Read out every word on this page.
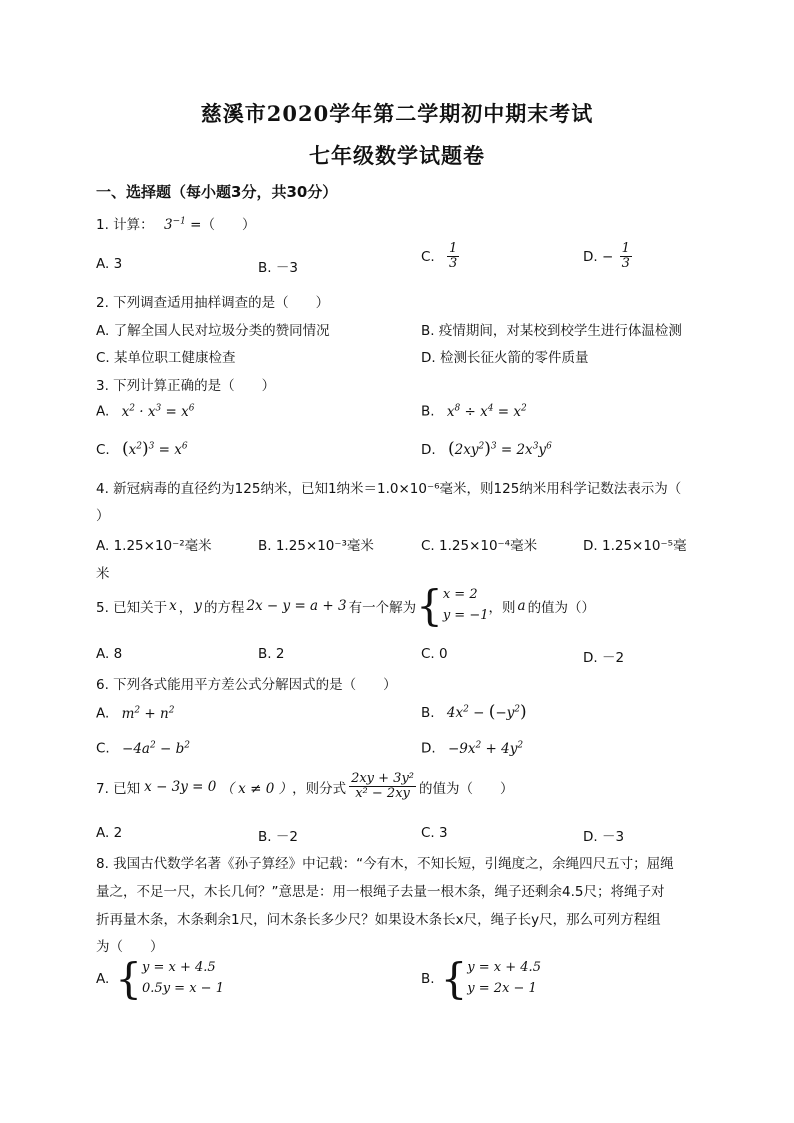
慈溪市2020学年第二学期初中期末考试
七年级数学试题卷
一、选择题（每小题3分，共30分）
1. 计算： $3^{-1}$ =（　　）
A. 3	B. －3
C. $\frac{1}{3}$	D. − $\frac{1}{3}$
2. 下列调查适用抽样调查的是（　　）
A. 了解全国人民对垃圾分类的赞同情况	B. 疫情期间，对某校到校学生进行体温检测
C. 某单位职工健康检查	D. 检测长征火箭的零件质量
3. 下列计算正确的是（　　）
A. $x^2 \cdot x^3 = x^6$	B. $x^8 \div x^4 = x^2$
C. $(x^2)^3 = x^6$	D. $(2xy^2)^3 = 2x^3y^6$
4. 新冠病毒的直径约为125纳米，已知1纳米＝1.0×10⁻⁶毫米，则125纳米用科学记数法表示为（
）
A. 1.25×10⁻²毫米	B. 1.25×10⁻³毫米	C. 1.25×10⁻⁴毫米	D. 1.25×10⁻⁵毫
米
5. 已知关于 x ， y 的方程 2x − y = a + 3 有一个解为 { x = 2
y = −1 ，则 a 的值为（）
A. 8	B. 2	C. 0	D. －2
6. 下列各式能用平方差公式分解因式的是（　　）
A. $m^2 + n^2$	B. $4x^2 - (-y^2)$
C. $-4a^2 - b^2$	D. $-9x^2 + 4y^2$
7. 已知 x − 3y = 0 （ x ≠ 0 ） ，则分式 $\frac{\text{2xy + 3y²}}{\text{x² − 2xy}}$ 的值为（　　）
A. 2	B. －2	C. 3	D. －3
8. 我国古代数学名著《孙子算经》中记载：“今有木，不知长短，引绳度之，余绳四尺五寸；屈绳
量之，不足一尺，木长几何？”意思是：用一根绳子去量一根木条，绳子还剩余4.5尺；将绳子对
折再量木条，木条剩余1尺，问木条长多少尺？如果设木条长x尺，绳子长y尺，那么可列方程组
为（　　）
A. { y = x + 4.5
0.5y = x − 1
B. { y = x + 4.5
y = 2x − 1
